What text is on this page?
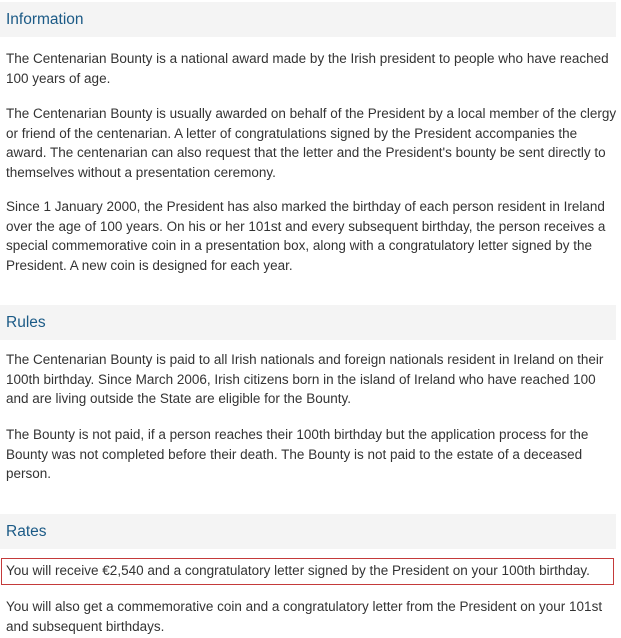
Information

The Centenarian Bounty is a national award made by the Irish president to people who have reached 100 years of age.

The Centenarian Bounty is usually awarded on behalf of the President by a local member of the clergy or friend of the centenarian. A letter of congratulations signed by the President accompanies the award. The centenarian can also request that the letter and the President's bounty be sent directly to themselves without a presentation ceremony.

Since 1 January 2000, the President has also marked the birthday of each person resident in Ireland over the age of 100 years. On his or her 101st and every subsequent birthday, the person receives a special commemorative coin in a presentation box, along with a congratulatory letter signed by the President. A new coin is designed for each year.

Rules

The Centenarian Bounty is paid to all Irish nationals and foreign nationals resident in Ireland on their 100th birthday. Since March 2006, Irish citizens born in the island of Ireland who have reached 100 and are living outside the State are eligible for the Bounty.

The Bounty is not paid, if a person reaches their 100th birthday but the application process for the Bounty was not completed before their death. The Bounty is not paid to the estate of a deceased person.

Rates
You will receive €2,540 and a congratulatory letter signed by the President on your 100th birthday.

You will also get a commemorative coin and a congratulatory letter from the President on your 101st and subsequent birthdays.
